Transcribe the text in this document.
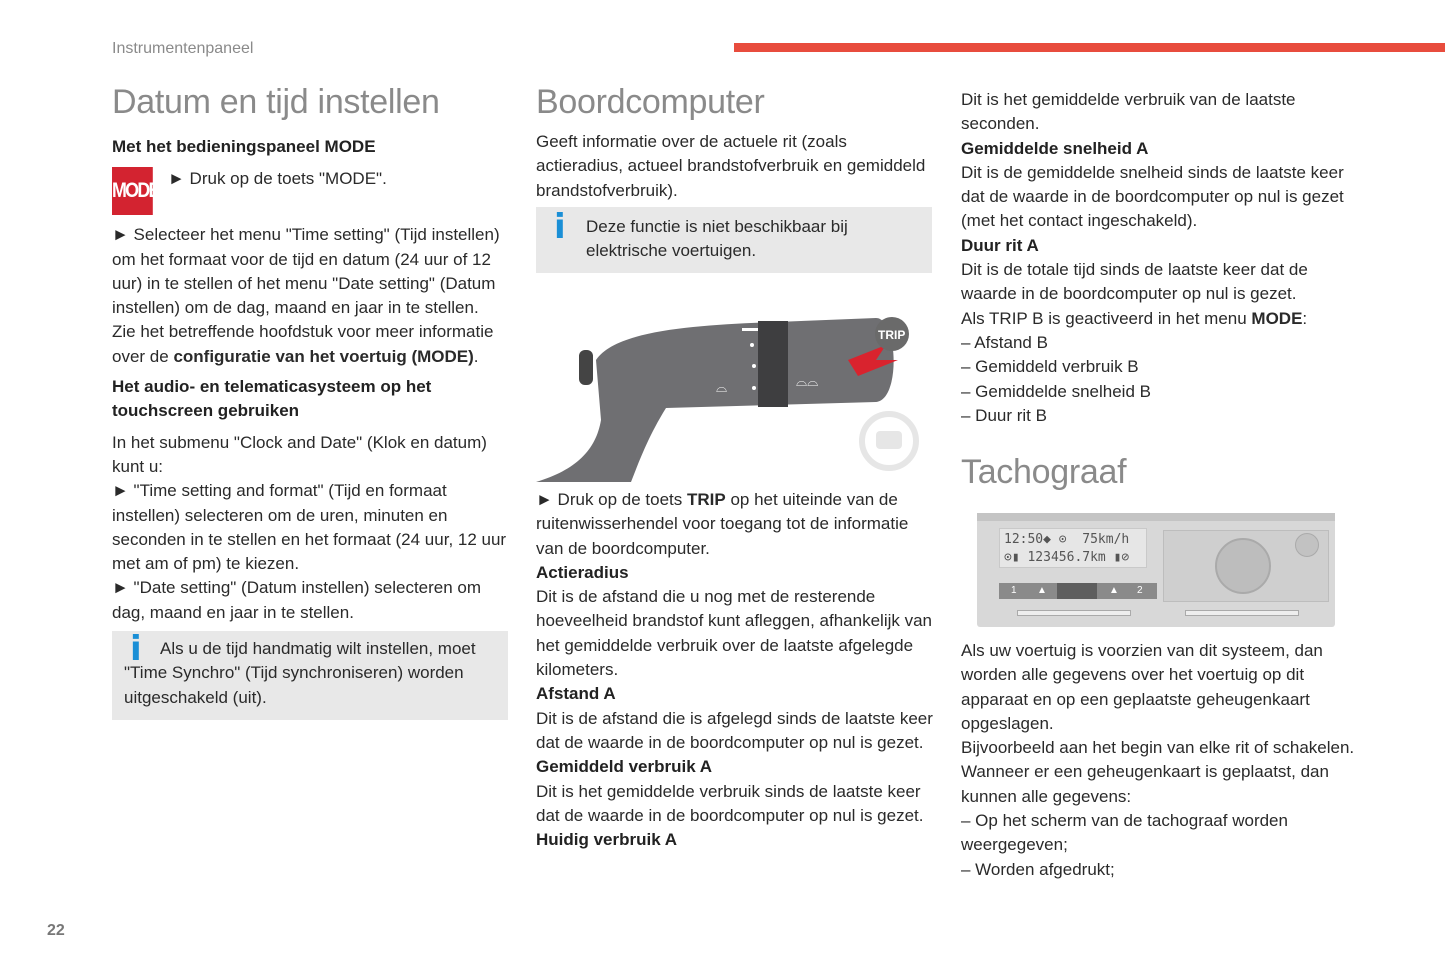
Instrumentenpaneel
Datum en tijd instellen
Met het bedieningspaneel MODE
MODE
► Druk op de toets "MODE".

► Selecteer het menu "Time setting" (Tijd instellen) om het formaat voor de tijd en datum (24 uur of 12 uur) in te stellen of het menu "Date setting" (Datum instellen) om de dag, maand en jaar in te stellen.

Zie het betreffende hoofdstuk voor meer informatie over de configuratie van het voertuig (MODE).

Het audio- en telematicasysteem op het touchscreen gebruiken

In het submenu "Clock and Date" (Klok en datum) kunt u:

► "Time setting and format" (Tijd en formaat instellen) selecteren om de uren, minuten en seconden in te stellen en het formaat (24 uur, 12 uur met am of pm) te kiezen.

► "Date setting" (Datum instellen) selecteren om dag, maand en jaar in te stellen.

i	Als u de tijd handmatig wilt instellen, moet "Time Synchro" (Tijd synchroniseren) worden uitgeschakeld (uit).

Boordcomputer

Geeft informatie over de actuele rit (zoals actieradius, actueel brandstofverbruik en gemiddeld brandstofverbruik).

i Deze functie is niet beschikbaar bij elektrische voertuigen.

⌓	⌓⌓
TRIP

► Druk op de toets TRIP op het uiteinde van de ruitenwisserhendel voor toegang tot de informatie van de boordcomputer.

Actieradius

Dit is de afstand die u nog met de resterende hoeveelheid brandstof kunt afleggen, afhankelijk van het gemiddelde verbruik over de laatste afgelegde kilometers.

Afstand A

Dit is de afstand die is afgelegd sinds de laatste keer dat de waarde in de boordcomputer op nul is gezet.

Gemiddeld verbruik A

Dit is het gemiddelde verbruik sinds de laatste keer dat de waarde in de boordcomputer op nul is gezet.

Huidig verbruik A

Dit is het gemiddelde verbruik van de laatste seconden.

Gemiddelde snelheid A

Dit is de gemiddelde snelheid sinds de laatste keer dat de waarde in de boordcomputer op nul is gezet (met het contact ingeschakeld).

Duur rit A

Dit is de totale tijd sinds de laatste keer dat de waarde in de boordcomputer op nul is gezet.

Als TRIP B is geactiveerd in het menu MODE:

– Afstand B

– Gemiddeld verbruik B

– Gemiddelde snelheid B

– Duur rit B

Tachograaf
12:50◆ ⊙  75km/h
⊙▮ 123456.7km ▮⊘
1 ▲	▲ 2

Als uw voertuig is voorzien van dit systeem, dan worden alle gegevens over het voertuig op dit apparaat en op een geplaatste geheugenkaart opgeslagen.

Bijvoorbeeld aan het begin van elke rit of schakelen.

Wanneer er een geheugenkaart is geplaatst, dan kunnen alle gegevens:

– Op het scherm van de tachograaf worden weergegeven;

– Worden afgedrukt;

22
